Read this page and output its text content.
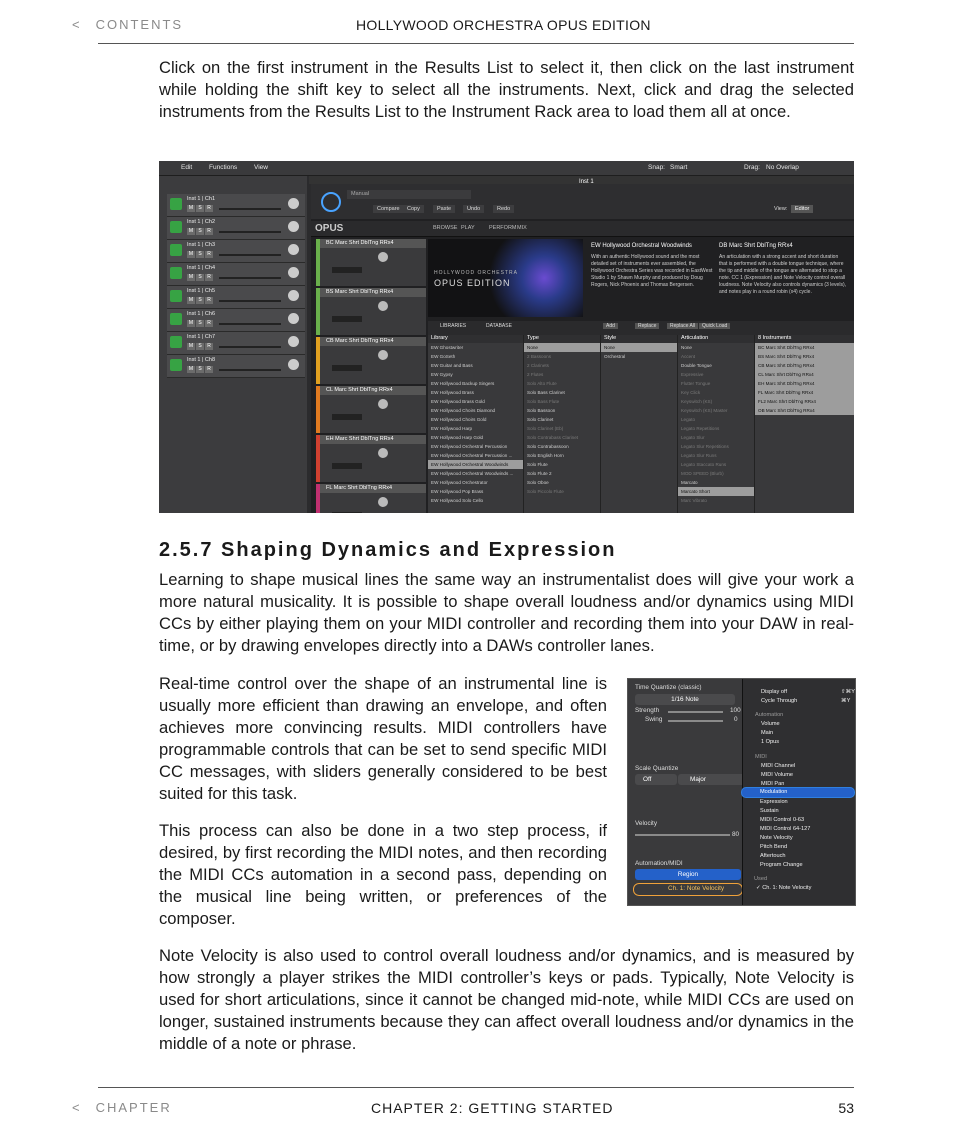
< CONTENTS	HOLLYWOOD ORCHESTRA OPUS EDITION

Click on the first instrument in the Results List to select it, then click on the last instrument while holding the shift key to select all the instruments. Next, click and drag the selected instruments from the Results List to the Instrument Rack area to load them all at once.

Edit	Functions	View	Snap: Smart	Drag: No Overlap
Inst 1 | Ch1
M S R
Inst 1 | Ch2
M S R
Inst 1 | Ch3
M S R
Inst 1 | Ch4
M S R
Inst 1 | Ch5
M S R
Inst 1 | Ch6
M S R
Inst 1 | Ch7
M S R
Inst 1 | Ch8
M S R
Manual
Compare	Copy	Paste	Undo	Redo	View:	Editor
Inst 1
OPUS	BROWSE PLAY	PERFORM MIX
BC Marc Shrt DblTng RRx4
BS Marc Shrt DblTng RRx4
CB Marc Shrt DblTng RRx4
CL Marc Shrt DblTng RRx4
EH Marc Shrt DblTng RRx4
FL Marc Shrt DblTng RRx4
HOLLYWOOD ORCHESTRA
OPUS EDITION
EW Hollywood Orchestral Woodwinds
With an authentic Hollywood sound and the most detailed set of instruments ever assembled, the Hollywood Orchestra Series was recorded in EastWest Studio 1 by Shawn Murphy and produced by Doug Rogers, Nick Phoenix and Thomas Bergersen.
DB Marc Shrt DblTng RRx4
An articulation with a strong accent and short duration that is performed with a double tongue technique, where the tip and middle of the tongue are alternated to stop a note. CC 1 (Expression) and Note Velocity control overall loudness. Note Velocity also controls dynamics (3 levels), and notes play in a round robin (x4) cycle.
LIBRARIES	DATABASE	Add	Replace	Replace All	Quick Load
Library
EW Ghostwriter
EW GoSeth
EW Guitar and Bass
EW Gypsy
EW Hollywood Backup Singers
EW Hollywood Brass
EW Hollywood Brass Gold
EW Hollywood Choirs Diamond
EW Hollywood Choirs Gold
EW Hollywood Harp
EW Hollywood Harp Gold
EW Hollywood Orchestral Percussion
EW Hollywood Orchestral Percussion ...
EW Hollywood Orchestral Woodwinds
EW Hollywood Orchestral Woodwinds ...
EW Hollywood Orchestrator
EW Hollywood Pop Brass
EW Hollywood Solo Cello
Type
None
2 Bassoons
2 Clarinets
2 Flutes
Solo Alto Flute
Solo Bass Clarinet
Solo Bass Flute
Solo Bassoon
Solo Clarinet
Solo Clarinet (Eb)
Solo Contrabass Clarinet
Solo Contrabassoon
Solo English Horn
Solo Flute
Solo Flute 2
Solo Oboe
Solo Piccolo Flute
Style
None
Orchestral
Articulation
None
Accent
Double Tongue
Expressive
Flutter Tongue
Key Click
Keyswitch (KS)
Keyswitch (KS) Master
Legato
Legato Repetitions
Legato Slur
Legato Slur Repetitions
Legato Slur Runs
Legato Staccato Runs
MOD SPEED (Blurb)
Marcato
Marcato Short
Marc Vibrato
8 Instruments
BC Marc Shrt DblTng RRx4
BS Marc Shrt DblTng RRx4
CB Marc Shrt DblTng RRx4
CL Marc Shrt DblTng RRx4
EH Marc Shrt DblTng RRx4
FL Marc Shrt DblTng RRx4
FL2 Marc Shrt DblTng RRx4
OB Marc Shrt DblTng RRx4
2.5.7 Shaping Dynamics and Expression

Learning to shape musical lines the same way an instrumentalist does will give your work a more natural musicality. It is possible to shape overall loudness and/or dynamics using MIDI CCs by either playing them on your MIDI controller and recording them into your DAW in real-time, or by drawing envelopes directly into a DAWs controller lanes.

Real-time control over the shape of an instrumental line is usually more efficient than drawing an envelope, and often achieves more convincing results. MIDI controllers have programmable controls that can be set to send specific MIDI CC messages, with sliders generally considered to be best suited for this task.

This process can also be done in a two step process, if desired, by first recording the MIDI notes, and then recording the MIDI CCs automation in a second pass, depending on the musical line being written, or preferences of the composer.

Time Quantize (classic)
1/16 Note
Strength	100
Swing	0
Scale Quantize
Off	Major
Velocity
80
Automation/MIDI
Region
Ch. 1: Note Velocity
Display off	⇧⌘Y
Cycle Through	⌘Y
Automation
Volume
Main
1 Opus
MIDI
MIDI Channel
MIDI Volume
MIDI Pan
Modulation
Expression
Sustain
MIDI Control 0-63
MIDI Control 64-127
Note Velocity
Pitch Bend
Aftertouch
Program Change
Used
✓ Ch. 1: Note Velocity

Note Velocity is also used to control overall loudness and/or dynamics, and is measured by how strongly a player strikes the MIDI controller’s keys or pads. Typically, Note Velocity is used for short articulations, since it cannot be changed mid-note, while MIDI CCs are used on longer, sustained instruments because they can affect overall loudness and/or dynamics in the middle of a note or phrase.

< CHAPTER	CHAPTER 2: GETTING STARTED	53
